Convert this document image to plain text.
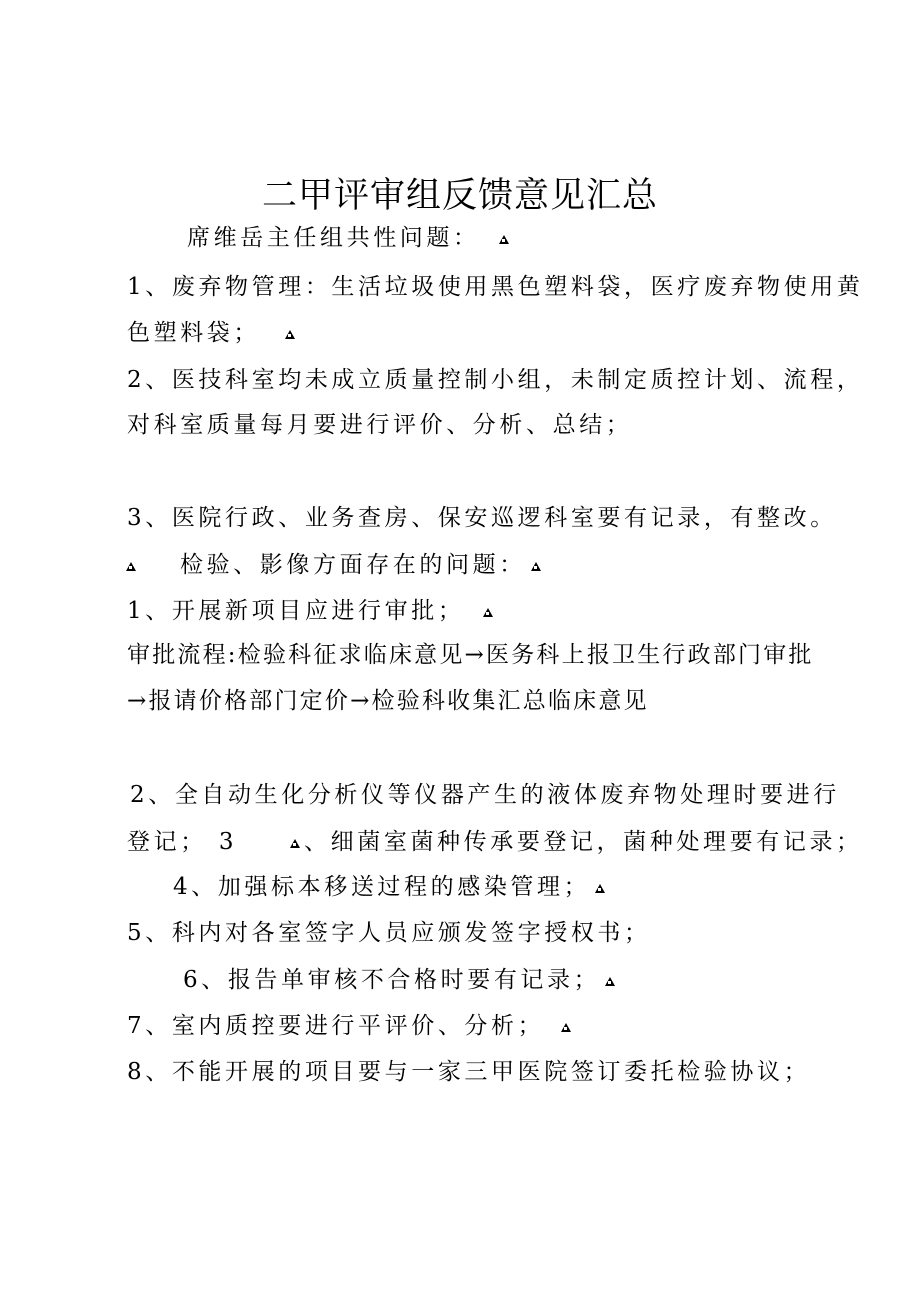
二甲评审组反馈意见汇总
席维岳主任组共性问题：
1、废弃物管理：生活垃圾使用黑色塑料袋，医疗废弃物使用黄
色塑料袋；
2、医技科室均未成立质量控制小组，未制定质控计划、流程，
对科室质量每月要进行评价、分析、总结；
3、医院行政、业务查房、保安巡逻科室要有记录，有整改。
检验、影像方面存在的问题：
1、开展新项目应进行审批；
审批流程:检验科征求临床意见→医务科上报卫生行政部门审批
→报请价格部门定价→检验科收集汇总临床意见
2、全自动生化分析仪等仪器产生的液体废弃物处理时要进行
登记； 3	、细菌室菌种传承要登记，菌种处理要有记录；
4、加强标本移送过程的感染管理；
5、科内对各室签字人员应颁发签字授权书；
6、报告单审核不合格时要有记录；
7、室内质控要进行平评价、分析；
8、不能开展的项目要与一家三甲医院签订委托检验协议；
